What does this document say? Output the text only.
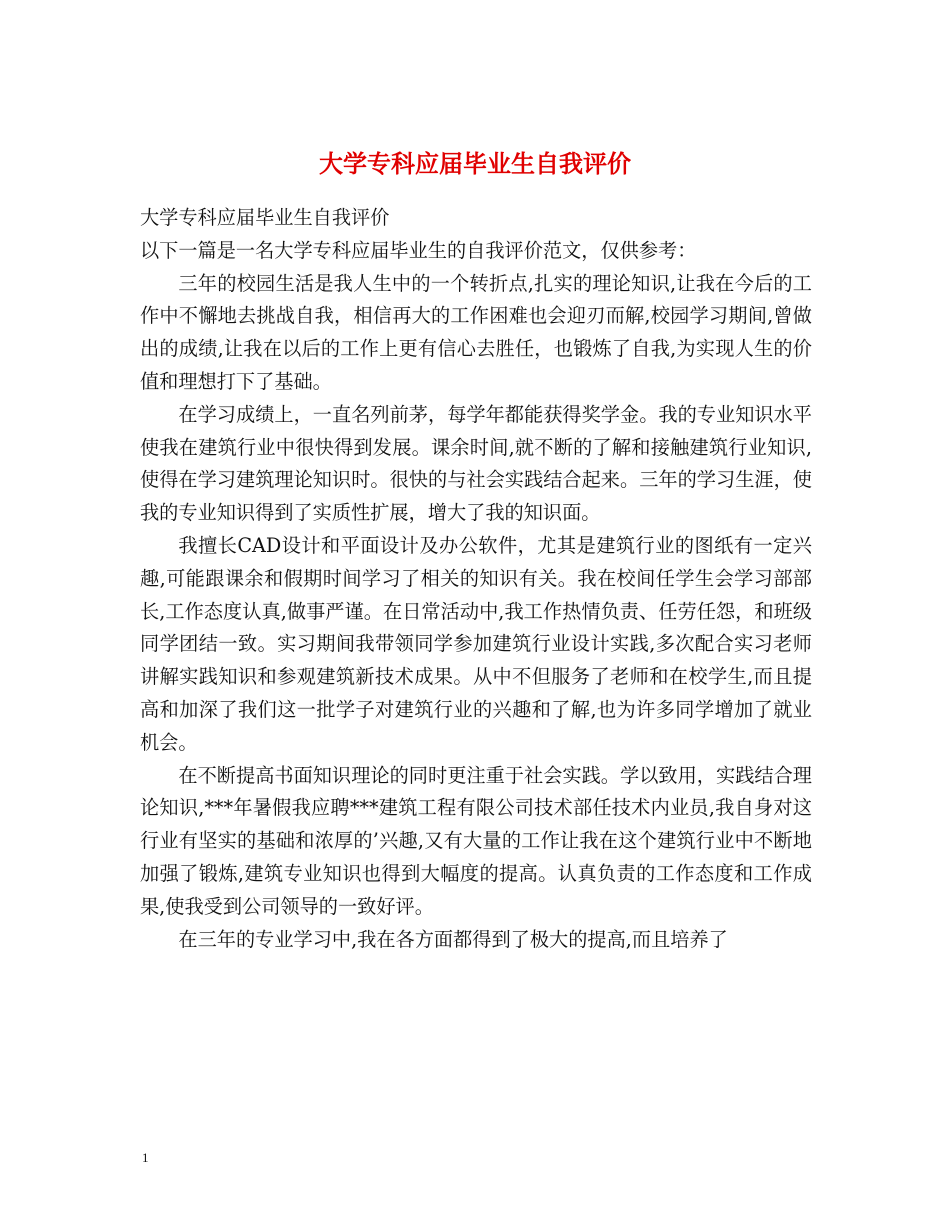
大学专科应届毕业生自我评价

大学专科应届毕业生自我评价

以下一篇是一名大学专科应届毕业生的自我评价范文，仅供参考：

三年的校园生活是我人生中的一个转折点,扎实的理论知识,让我在今后的工作中不懈地去挑战自我，相信再大的工作困难也会迎刃而解,校园学习期间,曾做出的成绩,让我在以后的工作上更有信心去胜任，也锻炼了自我,为实现人生的价值和理想打下了基础。

在学习成绩上，一直名列前茅，每学年都能获得奖学金。我的专业知识水平使我在建筑行业中很快得到发展。课余时间,就不断的了解和接触建筑行业知识,使得在学习建筑理论知识时。很快的与社会实践结合起来。三年的学习生涯，使我的专业知识得到了实质性扩展，增大了我的知识面。

我擅长CAD设计和平面设计及办公软件，尤其是建筑行业的图纸有一定兴趣,可能跟课余和假期时间学习了相关的知识有关。我在校间任学生会学习部部长,工作态度认真,做事严谨。在日常活动中,我工作热情负责、任劳任怨，和班级同学团结一致。实习期间我带领同学参加建筑行业设计实践,多次配合实习老师讲解实践知识和参观建筑新技术成果。从中不但服务了老师和在校学生,而且提高和加深了我们这一批学子对建筑行业的兴趣和了解,也为许多同学增加了就业机会。

在不断提高书面知识理论的同时更注重于社会实践。学以致用，实践结合理论知识,***年暑假我应聘***建筑工程有限公司技术部任技术内业员,我自身对这行业有坚实的基础和浓厚的’兴趣,又有大量的工作让我在这个建筑行业中不断地加强了锻炼,建筑专业知识也得到大幅度的提高。认真负责的工作态度和工作成果,使我受到公司领导的一致好评。

在三年的专业学习中,我在各方面都得到了极大的提高,而且培养了

1
